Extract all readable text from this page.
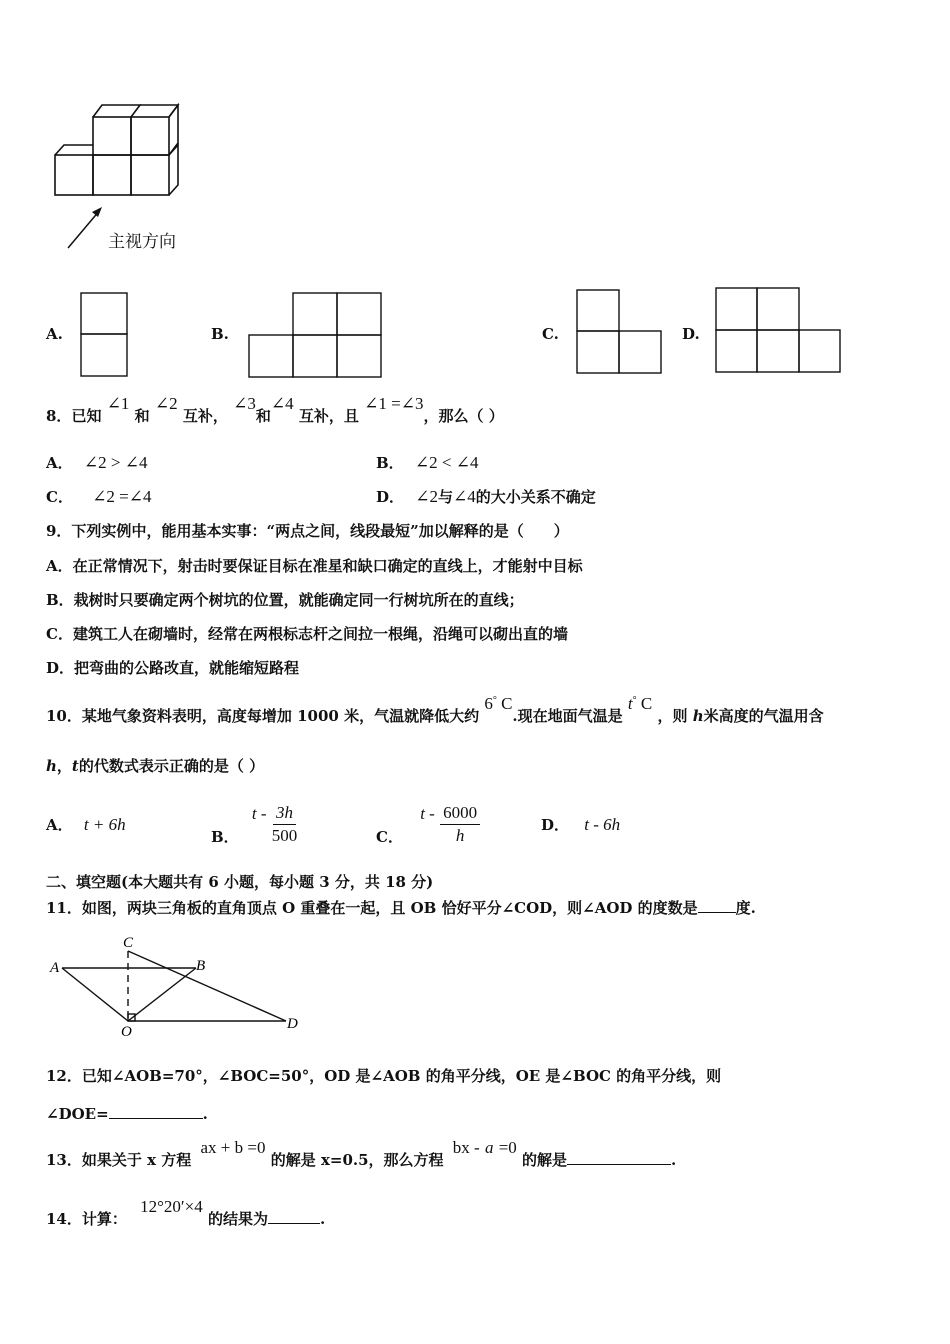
主视方向
A.	B.	C.	D.
8．已知 ∠1 和 ∠2 互补， ∠3和∠4 互补，且 ∠1 =∠3，那么（ ）
A． ∠2 > ∠4	B． ∠2 < ∠4
C． ∠2 =∠4	D． ∠2与∠4的大小关系不确定
9．下列实例中，能用基本实事：“两点之间，线段最短”加以解释的是（　　）
A．在正常情况下，射击时要保证目标在准星和缺口确定的直线上，才能射中目标
B．栽树时只要确定两个树坑的位置，就能确定同一行树坑所在的直线；
C．建筑工人在砌墙时，经常在两根标志杆之间拉一根绳，沿绳可以砌出直的墙
D．把弯曲的公路改直，就能缩短路程
10．某地气象资料表明，高度每增加 1000 米，气温就降低大约 6° C.现在地面气温是 t° C ，则 h米高度的气温用含
h，t的代数式表示正确的是（ ）
A． t + 6h
B． t - $\frac{3h}{500}$	C． t - $\frac{6000}{h}$	D． t - 6h
二、填空题(本大题共有 6 小题，每小题 3 分，共 18 分)
11．如图，两块三角板的直角顶点 O 重叠在一起，且 OB 恰好平分∠COD，则∠AOD 的度数是	度.
A	B
C
D
O
12．已知∠AOB=70°，∠BOC=50°，OD 是∠AOB 的角平分线，OE 是∠BOC 的角平分线，则
∠DOE=	.
13．如果关于 x 方程 ax + b =0 的解是 x=0.5，那么方程 bx - a =0 的解是	.
14．计算： 12°20′×4 的结果为	.
